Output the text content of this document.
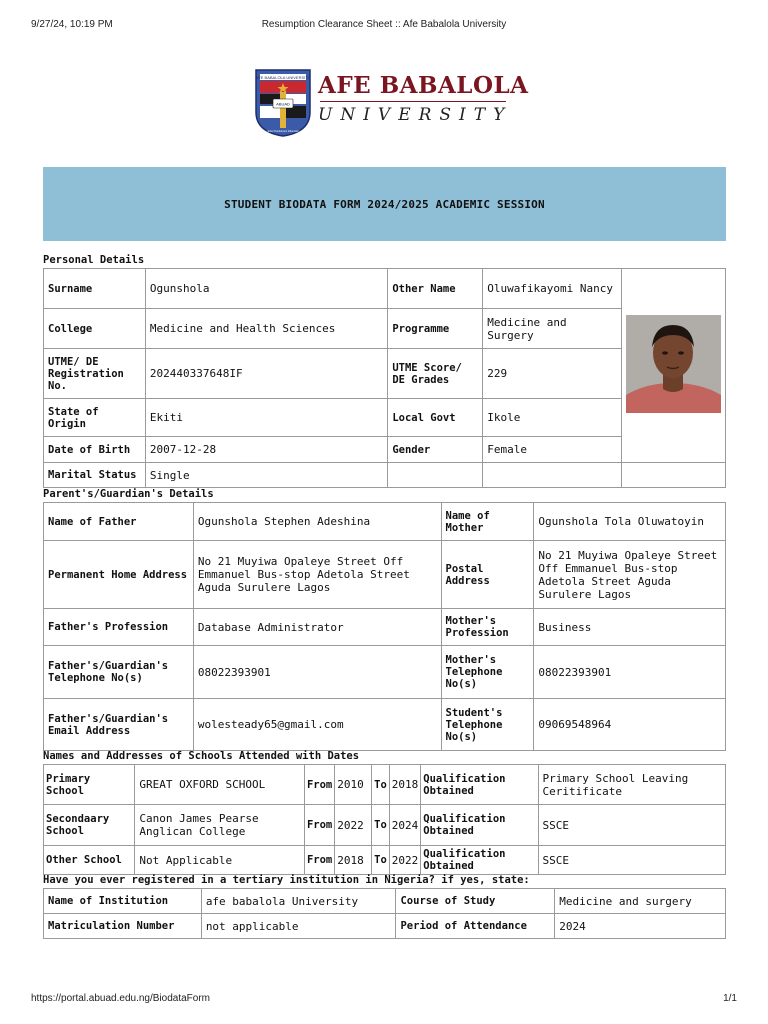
9/27/24, 10:19 PM	Resumption Clearance Sheet :: Afe Babalola University
AFE BABALOLA UNIVERSITY
ABUAD
Enter Humble Evi Influential
AFE BABALOLA
UNIVERSITY
STUDENT BIODATA FORM 2024/2025 ACADEMIC SESSION
Personal Details
Surname	Ogunshola	Other Name	Oluwafikayomi Nancy	
College	Medicine and Health Sciences	Programme	Medicine and Surgery	
UTME/ DE Registration No.	202440337648IF	UTME Score/ DE Grades	229	
State of Origin	Ekiti	Local Govt	Ikole	
Date of Birth	2007-12-28	Gender	Female	
Marital Status	Single			
Parent's/Guardian's Details
Name of Father	Ogunshola Stephen Adeshina	Name of Mother	Ogunshola Tola Oluwatoyin
Permanent Home Address	No 21 Muyiwa Opaleye Street Off Emmanuel Bus-stop Adetola Street Aguda Surulere Lagos	Postal Address	No 21 Muyiwa Opaleye Street Off Emmanuel Bus-stop Adetola Street Aguda Surulere Lagos
Father's Profession	Database Administrator	Mother's Profession	Business
Father's/Guardian's Telephone No(s)	08022393901	Mother's Telephone No(s)	08022393901
Father's/Guardian's Email Address	wolesteady65@gmail.com	Student's Telephone No(s)	09069548964
Names and Addresses of Schools Attended with Dates
Primary School	GREAT OXFORD SCHOOL	From	2010	To	2018	Qualification Obtained	Primary School Leaving Ceritificate
Secondaary School	Canon James Pearse Anglican College	From	2022	To	2024	Qualification Obtained	SSCE
Other School	Not Applicable	From	2018	To	2022	Qualification Obtained	SSCE
Have you ever registered in a tertiary institution in Nigeria? if yes, state:
Name of Institution	afe babalola University	Course of Study	Medicine and surgery
Matriculation Number	not applicable	Period of Attendance	2024
https://portal.abuad.edu.ng/BiodataForm	1/1
